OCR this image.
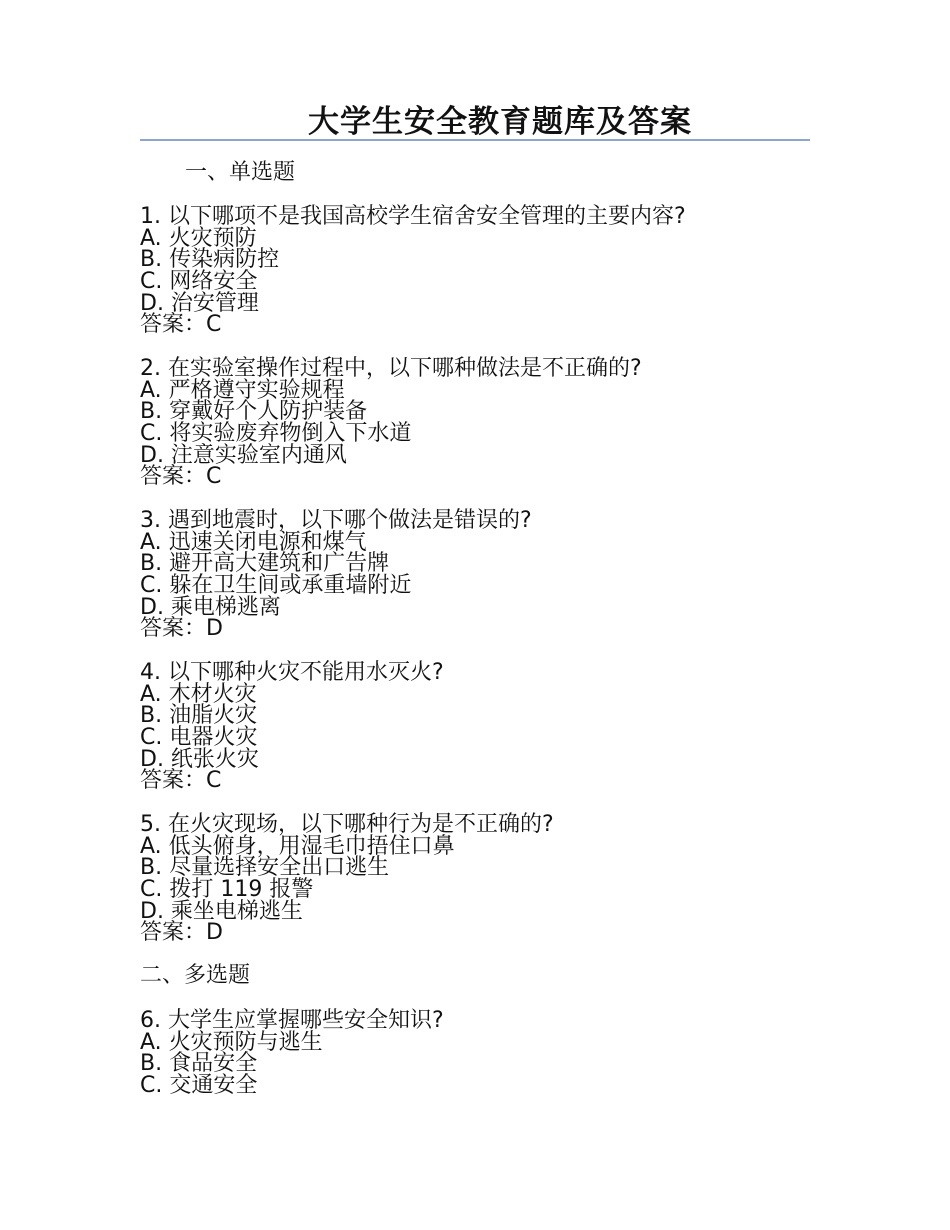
大学生安全教育题库及答案
一、单选题
1. 以下哪项不是我国高校学生宿舍安全管理的主要内容?
A. 火灾预防
B. 传染病防控
C. 网络安全
D. 治安管理
答案：C
2. 在实验室操作过程中，以下哪种做法是不正确的?
A. 严格遵守实验规程
B. 穿戴好个人防护装备
C. 将实验废弃物倒入下水道
D. 注意实验室内通风
答案：C
3. 遇到地震时，以下哪个做法是错误的?
A. 迅速关闭电源和煤气
B. 避开高大建筑和广告牌
C. 躲在卫生间或承重墙附近
D. 乘电梯逃离
答案：D
4. 以下哪种火灾不能用水灭火?
A. 木材火灾
B. 油脂火灾
C. 电器火灾
D. 纸张火灾
答案：C
5. 在火灾现场，以下哪种行为是不正确的?
A. 低头俯身，用湿毛巾捂住口鼻
B. 尽量选择安全出口逃生
C. 拨打 119 报警
D. 乘坐电梯逃生
答案：D
二、多选题
6. 大学生应掌握哪些安全知识?
A. 火灾预防与逃生
B. 食品安全
C. 交通安全
